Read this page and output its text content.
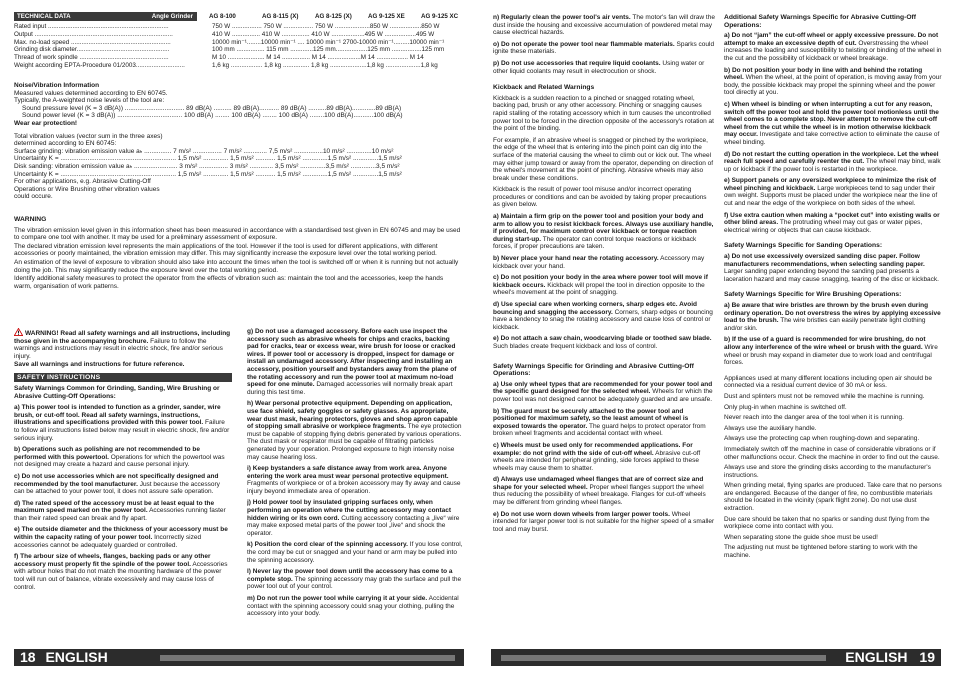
TECHNICAL DATA	Angle Grinder	AG 8-100	AG 8-115 (X)	AG 8-125 (X)	AG 9-125 XE	AG 9-125 XC
Rated input .....................................................................	750 W ................. 750 W ................. 750 W ....................850 W ..................850 W
Output ...............................................................................	410 W ................ 410 W ................ 410 W ...................495 W ..................495 W
Max. no-load speed .........................................................	10000 min⁻¹........10000 min⁻¹ .... 10000 min⁻¹ 2700-10000 min⁻¹.........10000 min⁻¹
Grinding disk diameter.....................................................	100 mm ................ 115 mm .............125 mm..................125 mm .................125 mm
Thread of work spindle ...................................................	M 10 ..................... M 14 ................ M 14 ...................M 14 .................. M 14
Weight according EPTA-Procedure 01/2003............................	1,6 kg .................. 1,8 kg ............... 1,8 kg .....................1,8 kg ....................1,8 kg
Noise/Vibration Information
Measured values determined according to EN 60745.
Typically, the A-weighted noise levels of the tool are:
Sound pressure level (K = 3 dB(A)) ................................. 89 dB(A) .......... 89 dB(A)........... 89 dB(A) ..........89 dB(A).............89 dB(A)
Sound power level (K = 3 dB(A)) .................................... 100 dB(A) ........ 100 dB(A) ........ 100 dB(A) ........100 dB(A)...........100 dB(A)
Wear ear protection!
Total vibration values (vector sum in the three axes)
determined according to EN 60745:
Surface grinding: vibration emission value aₕ ............... 7 m/s² ................ 7 m/s² ............. 7,5 m/s² ................10 m/s² ..............10 m/s²
Uncertainty K = ................................................................ 1,5 m/s² .............. 1,5 m/s² ........... 1,5 m/s² ..............1,5 m/s² ..............1,5 m/s²
Disk sanding: vibration emission value aₕ ........................ 3 m/s² ................ 3 m/s² ............. 3,5 m/s² ..............3,5 m/s² ..............3,5 m/s²
Uncertainty K = ................................................................ 1,5 m/s² .............. 1,5 m/s² ........... 1,5 m/s² ..............1,5 m/s² ..............1,5 m/s²
For other applications, e.g. Abrasive Cutting-Off
Operations or Wire Brushing other vibration values
could occure.
WARNING

The vibration emission level given in this information sheet has been measured in accordance with a standardised test given in EN 60745 and may be used to compare one tool with another. It may be used for a preliminary assessment of exposure.

The declared vibration emission level represents the main applications of the tool. However if the tool is used for different applications, with different accessories or poorly maintained, the vibration emission may differ. This may significantly increase the exposure level over the total working period.

An estimation of the level of exposure to vibration should also take into account the times when the tool is switched off or when it is running but not actually doing the job. This may significantly reduce the exposure level over the total working period.

Identify additional safety measures to protect the operator from the effects of vibration such as: maintain the tool and the accessories, keep the hands warm, organisation of work patterns.

WARNING! Read all safety warnings and all instructions, including those given in the accompanying brochure. Failure to follow the warnings and instructions may result in electric shock, fire and/or serious injury.

Save all warnings and instructions for future reference.

SAFETY INSTRUCTIONS

Safety Warnings Common for Grinding, Sanding, Wire Brushing or Abrasive Cutting-Off Operations:

a) This power tool is intended to function as a grinder, sander, wire brush, or cut-off tool. Read all safety warnings, instructions, illustrations and specifications provided with this power tool. Failure to follow all instructions listed below may result in electric shock, fire and/or serious injury.

b) Operations such as polishing are not recommended to be performed with this powertool. Operations for which the powertool was not designed may create a hazard and cause personal injury.

c) Do not use accessories which are not specifically designed and recommended by the tool manufacturer. Just because the accessory can be attached to your power tool, it does not assure safe operation.

d) The rated speed of the accessory must be at least equal to the maximum speed marked on the power tool. Accessories running faster than their rated speed can break and fly apart.

e) The outside diameter and the thickness of your accessory must be within the capacity rating of your power tool. Incorrectly sized accessories cannot be adequately guarded or controlled.

f) The arbour size of wheels, flanges, backing pads or any other accessory must properly fit the spindle of the power tool. Accessories with arbour holes that do not match the mounting hardware of the power tool will run out of balance, vibrate excessively and may cause loss of control.

g) Do not use a damaged accessory. Before each use inspect the accessory such as abrasive wheels for chips and cracks, backing pad for cracks, tear or excess wear, wire brush for loose or cracked wires. If power tool or accessory is dropped, inspect for damage or install an undamaged accessory. After inspecting and installing an accessory, position yourself and bystanders away from the plane of the rotating accessory and run the power tool at maximum no-load speed for one minute. Damaged accessories will normally break apart during this test time.

h) Wear personal protective equipment. Depending on application, use face shield, safety goggles or safety glasses. As appropriate, wear dust mask, hearing protectors, gloves and shop apron capable of stopping small abrasive or workpiece fragments. The eye protection must be capable of stopping flying debris generated by various operations. The dust mask or respirator must be capable of filtrating particles generated by your operation. Prolonged exposure to high intensity noise may cause hearing loss.

i) Keep bystanders a safe distance away from work area. Anyone entering the work area must wear personal protective equipment. Fragments of workpiece or of a broken accessory may fly away and cause injury beyond immediate area of operation.

j) Hold power tool by insulated gripping surfaces only, when performing an operation where the cutting accessory may contact hidden wiring or its own cord. Cutting accessory contacting a „live“ wire may make exposed metal parts of the power tool „live“ and shock the operator.

k) Position the cord clear of the spinning accessory. If you lose control, the cord may be cut or snagged and your hand or arm may be pulled into the spinning accessory.

l) Never lay the power tool down until the accessory has come to a complete stop. The spinning accessory may grab the surface and pull the power tool out of your control.

m) Do not run the power tool while carrying it at your side. Accidental contact with the spinning accessory could snag your clothing, pulling the accessory into your body.

18 ENGLISH

n) Regularly clean the power tool's air vents. The motor's fan will draw the dust inside the housing and excessive accumulation of powdered metal may cause electrical hazards.

o) Do not operate the power tool near flammable materials. Sparks could ignite these materials.

p) Do not use accessories that require liquid coolants. Using water or other liquid coolants may result in electrocution or shock.

Kickback and Related Warnings

Kickback is a sudden reaction to a pinched or snagged rotating wheel, backing pad, brush or any other accessory. Pinching or snagging causes rapid stalling of the rotating accessory which in turn causes the uncontrolled power tool to be forced in the direction opposite of the accessory's rotation at the point of the binding.

For example, if an abrasive wheel is snagged or pinched by the workpiece, the edge of the wheel that is entering into the pinch point can dig into the surface of the material causing the wheel to climb out or kick out. The wheel may either jump toward or away from the operator, depending on direction of the wheel's movement at the point of pinching. Abrasive wheels may also break under these conditions.

Kickback is the result of power tool misuse and/or incorrect operating procedures or conditions and can be avoided by taking proper precautions as given below.

a) Maintain a firm grip on the power tool and position your body and arm to allow you to resist kickback forces. Always use auxiliary handle, if provided, for maximum control over kickback or torque reaction during start-up. The operator can control torque reactions or kickback forces, if proper precautions are taken.

b) Never place your hand near the rotating accessory. Accessory may kickback over your hand.

c) Do not position your body in the area where power tool will move if kickback occurs. Kickback will propel the tool in direction opposite to the wheel's movement at the point of snagging.

d) Use special care when working corners, sharp edges etc. Avoid bouncing and snagging the accessory. Corners, sharp edges or bouncing have a tendency to snag the rotating accessory and cause loss of control or kickback.

e) Do not attach a saw chain, woodcarving blade or toothed saw blade. Such blades create frequent kickback and loss of control.

Safety Warnings Specific for Grinding and Abrasive Cutting-Off Operations:

a) Use only wheel types that are recommended for your power tool and the specific guard designed for the selected wheel. Wheels for which the power tool was not designed cannot be adequately guarded and are unsafe.

b) The guard must be securely attached to the power tool and positioned for maximum safety, so the least amount of wheel is exposed towards the operator. The guard helps to protect operator from broken wheel fragments and accidental contact with wheel.

c) Wheels must be used only for recommended applications. For example: do not grind with the side of cut-off wheel. Abrasive cut-off wheels are intended for peripheral grinding, side forces applied to these wheels may cause them to shatter.

d) Always use undamaged wheel flanges that are of correct size and shape for your selected wheel. Proper wheel flanges support the wheel thus reducing the possibility of wheel breakage. Flanges for cut-off wheels may be different from grinding wheel flanges.

e) Do not use worn down wheels from larger power tools. Wheel intended for larger power tool is not suitable for the higher speed of a smaller tool and may burst.

Additional Safety Warnings Specific for Abrasive Cutting-Off Operations:

a) Do not “jam” the cut-off wheel or apply excessive pressure. Do not attempt to make an excessive depth of cut. Overstressing the wheel increases the loading and susceptibility to twisting or binding of the wheel in the cut and the possibility of kickback or wheel breakage.

b) Do not position your body in line with and behind the rotating wheel. When the wheel, at the point of operation, is moving away from your body, the possible kickback may propel the spinning wheel and the power tool directly at you.

c) When wheel is binding or when interrupting a cut for any reason, switch off the power tool and hold the power tool motionless until the wheel comes to a complete stop. Never attempt to remove the cut-off wheel from the cut while the wheel is in motion otherwise kickback may occur. Investigate and take corrective action to eliminate the cause of wheel binding.

d) Do not restart the cutting operation in the workpiece. Let the wheel reach full speed and carefully reenter the cut. The wheel may bind, walk up or kickback if the power tool is restarted in the workpiece.

e) Support panels or any oversized workpiece to minimize the risk of wheel pinching and kickback. Large workpieces tend to sag under their own weight. Supports must be placed under the workpiece near the line of cut and near the edge of the workpiece on both sides of the wheel.

f) Use extra caution when making a “pocket cut” into existing walls or other blind areas. The protruding wheel may cut gas or water pipes, electrical wiring or objects that can cause kickback.

Safety Warnings Specific for Sanding Operations:

a) Do not use excessively oversized sanding disc paper. Follow manufacturers recommendations, when selecting sanding paper. Larger sanding paper extending beyond the sanding pad presents a laceration hazard and may cause snagging, tearing of the disc or kickback.

Safety Warnings Specific for Wire Brushing Operations:

a) Be aware that wire bristles are thrown by the brush even during ordinary operation. Do not overstress the wires by applying excessive load to the brush. The wire bristles can easily penetrate light clothing and/or skin.

b) If the use of a guard is recommended for wire brushing, do not allow any interference of the wire wheel or brush with the guard. Wire wheel or brush may expand in diameter due to work load and centrifugal forces.

Appliances used at many different locations including open air should be connected via a residual current device of 30 mA or less.

Dust and splinters must not be removed while the machine is running.

Only plug-in when machine is switched off.

Never reach into the danger area of the tool when it is running.

Always use the auxiliary handle.

Always use the protecting cap when roughing-down and separating.

Immediately switch off the machine in case of considerable vibrations or if other malfunctions occur. Check the machine in order to find out the cause.

Always use and store the grinding disks according to the manufacturer's instructions.

When grinding metal, flying sparks are produced. Take care that no persons are endangered. Because of the danger of fire, no combustible materials should be located in the vicinity (spark flight zone). Do not use dust extraction.

Due care should be taken that no sparks or sanding dust flying from the workpiece come into contact with you.

When separating stone the guide shoe must be used!

The adjusting nut must be tightened before starting to work with the machine.

ENGLISH 19
